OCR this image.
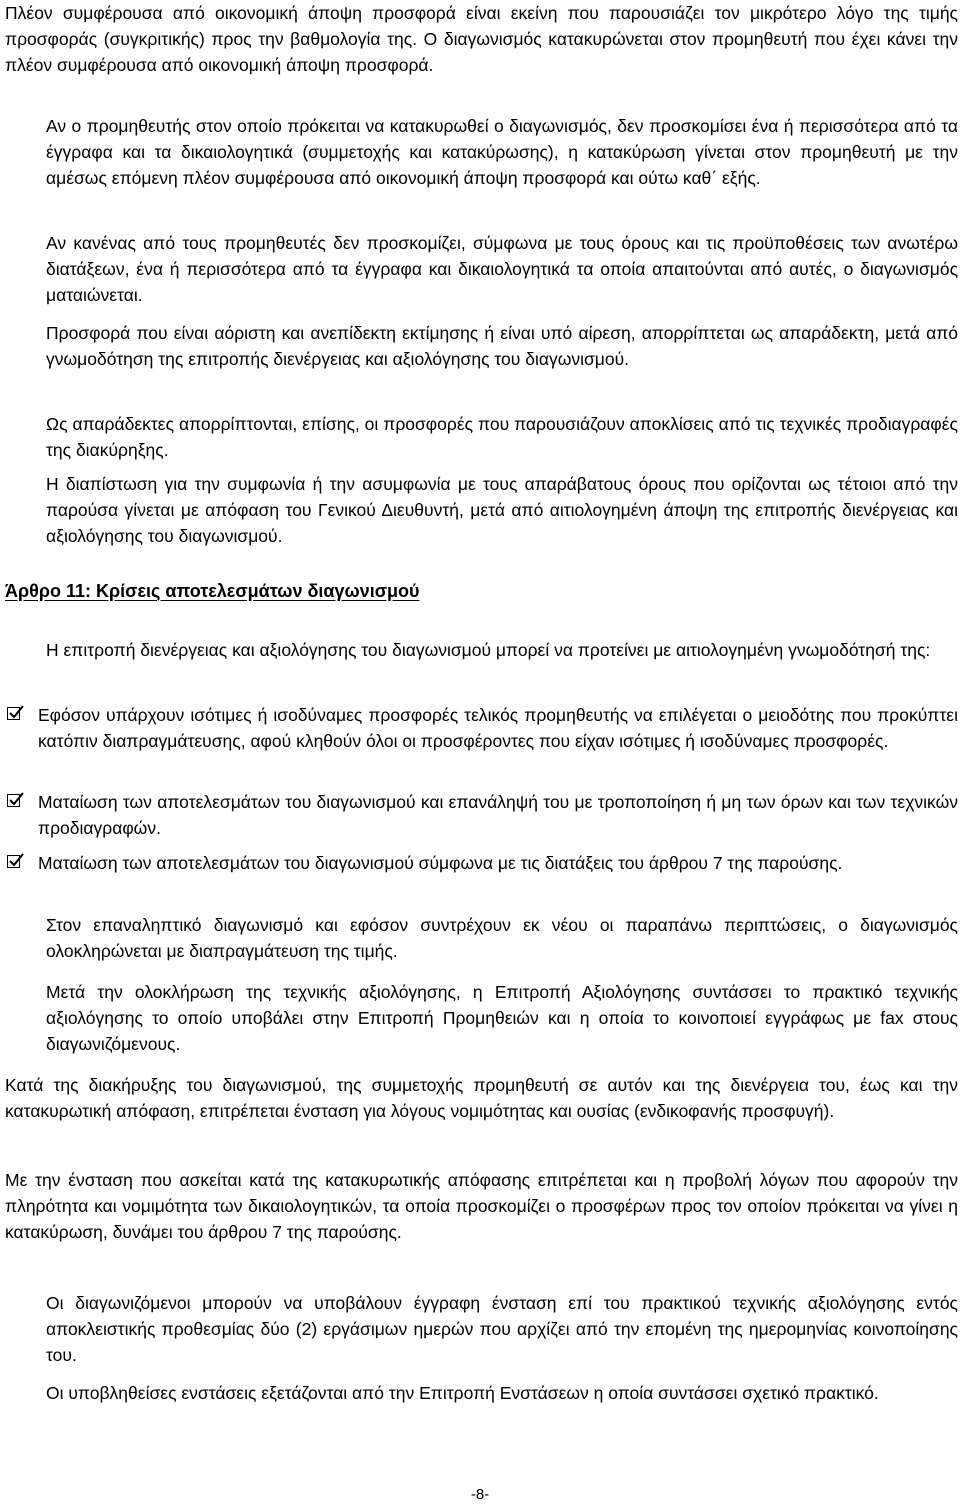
Πλέον συμφέρουσα από οικονομική άποψη προσφορά είναι εκείνη που παρουσιάζει τον μικρότερο λόγο της τιμής προσφοράς (συγκριτικής) προς την βαθμολογία της. Ο διαγωνισμός κατακυρώνεται στον προμηθευτή που έχει κάνει την πλέον συμφέρουσα από οικονομική άποψη προσφορά.

Αν ο προμηθευτής στον οποίο πρόκειται να κατακυρωθεί ο διαγωνισμός, δεν προσκομίσει ένα ή περισσότερα από τα έγγραφα και τα δικαιολογητικά (συμμετοχής και κατακύρωσης), η κατακύρωση γίνεται στον προμηθευτή με την αμέσως επόμενη πλέον συμφέρουσα από οικονομική άποψη προσφορά και ούτω καθ΄ εξής.

Αν κανένας από τους προμηθευτές δεν προσκομίζει, σύμφωνα με τους όρους και τις προϋποθέσεις των ανωτέρω διατάξεων, ένα ή περισσότερα από τα έγγραφα και δικαιολογητικά τα οποία απαιτούνται από αυτές, ο διαγωνισμός ματαιώνεται.

Προσφορά που είναι αόριστη και ανεπίδεκτη εκτίμησης ή είναι υπό αίρεση, απορρίπτεται ως απαράδεκτη, μετά από γνωμοδότηση της επιτροπής διενέργειας και αξιολόγησης του διαγωνισμού.

Ως απαράδεκτες απορρίπτονται, επίσης, οι προσφορές που παρουσιάζουν αποκλίσεις από τις τεχνικές προδιαγραφές της διακύρηξης.

Η διαπίστωση για την συμφωνία ή την ασυμφωνία με τους απαράβατους όρους που ορίζονται ως τέτοιοι από την παρούσα γίνεται με απόφαση του Γενικού Διευθυντή, μετά από αιτιολογημένη άποψη της επιτροπής διενέργειας και αξιολόγησης του διαγωνισμού.

Άρθρο 11: Κρίσεις αποτελεσμάτων διαγωνισμού

Η επιτροπή διενέργειας και αξιολόγησης του διαγωνισμού μπορεί να προτείνει με αιτιολογημένη γνωμοδότησή της:

Εφόσον υπάρχουν ισότιμες ή ισοδύναμες προσφορές τελικός προμηθευτής να επιλέγεται ο μειοδότης που προκύπτει κατόπιν διαπραγμάτευσης, αφού κληθούν όλοι οι προσφέροντες που είχαν ισότιμες ή ισοδύναμες προσφορές.

Ματαίωση των αποτελεσμάτων του διαγωνισμού και επανάληψή του με τροποποίηση ή μη των όρων και των τεχνικών προδιαγραφών.

Ματαίωση των αποτελεσμάτων του διαγωνισμού σύμφωνα με τις διατάξεις του άρθρου 7 της παρούσης.

Στον επαναληπτικό διαγωνισμό και εφόσον συντρέχουν εκ νέου οι παραπάνω περιπτώσεις, ο διαγωνισμός ολοκληρώνεται με διαπραγμάτευση της τιμής.

Μετά την ολοκλήρωση της τεχνικής αξιολόγησης, η Επιτροπή Αξιολόγησης συντάσσει το πρακτικό τεχνικής αξιολόγησης το οποίο υποβάλει στην Επιτροπή Προμηθειών και η οποία το κοινοποιεί εγγράφως με fax στους διαγωνιζόμενους.

Κατά της διακήρυξης του διαγωνισμού, της συμμετοχής προμηθευτή σε αυτόν και της διενέργεια του, έως και την κατακυρωτική απόφαση, επιτρέπεται ένσταση για λόγους νομιμότητας και ουσίας (ενδικοφανής προσφυγή).

Με την ένσταση που ασκείται κατά της κατακυρωτικής απόφασης επιτρέπεται και η προβολή λόγων που αφορούν την πληρότητα και νομιμότητα των δικαιολογητικών, τα οποία προσκομίζει ο προσφέρων προς τον οποίον πρόκειται να γίνει η κατακύρωση, δυνάμει του άρθρου 7 της παρούσης.

Οι διαγωνιζόμενοι μπορούν να υποβάλουν έγγραφη ένσταση επί του πρακτικού τεχνικής αξιολόγησης εντός αποκλειστικής προθεσμίας δύο (2) εργάσιμων ημερών που αρχίζει από την επομένη της ημερομηνίας κοινοποίησης του.

Οι υποβληθείσες ενστάσεις εξετάζονται από την Επιτροπή Ενστάσεων η οποία συντάσσει σχετικό πρακτικό.

-8-
